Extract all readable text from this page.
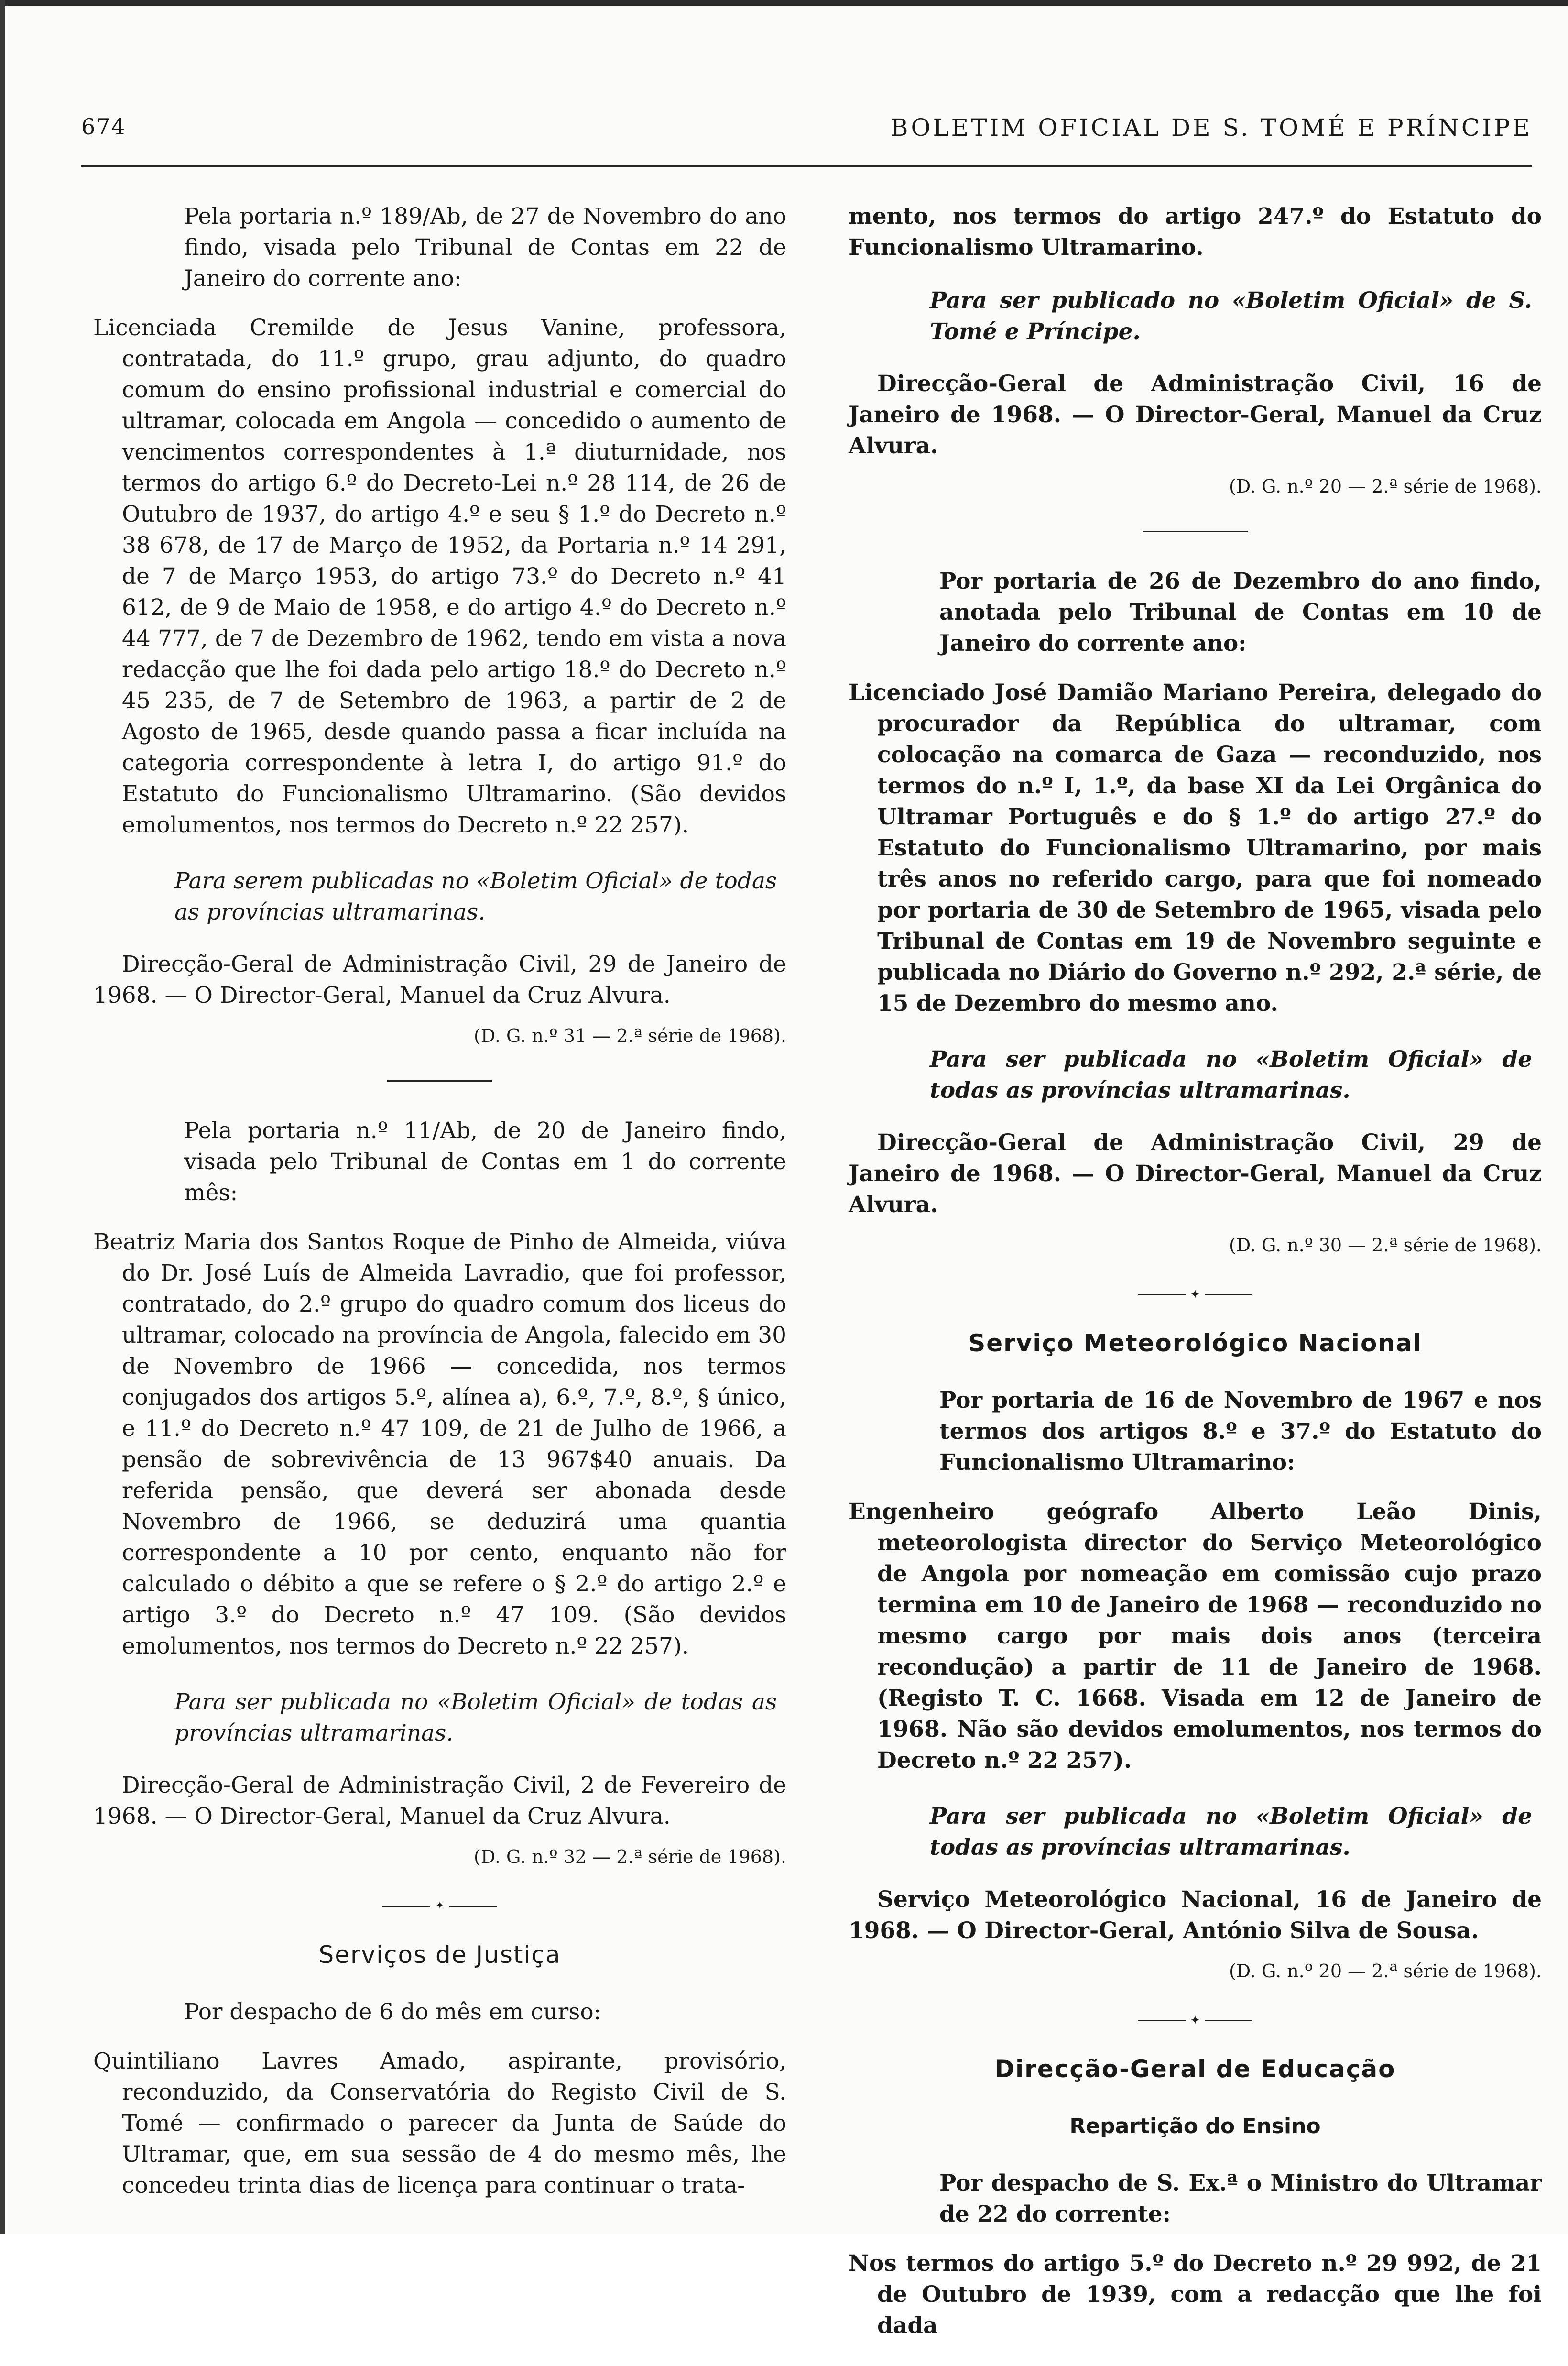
674	BOLETIM OFICIAL DE S. TOMÉ E PRÍNCIPE

Pela portaria n.º 189/Ab, de 27 de Novembro do ano findo, visada pelo Tribunal de Contas em 22 de Janeiro do corrente ano:

Licenciada Cremilde de Jesus Vanine, professora, contratada, do 11.º grupo, grau adjunto, do quadro comum do ensino profissional industrial e comercial do ultramar, colocada em Angola — concedido o aumento de vencimentos correspondentes à 1.ª diuturnidade, nos termos do artigo 6.º do Decreto-Lei n.º 28 114, de 26 de Outubro de 1937, do artigo 4.º e seu § 1.º do Decreto n.º 38 678, de 17 de Março de 1952, da Portaria n.º 14 291, de 7 de Março 1953, do artigo 73.º do Decreto n.º 41 612, de 9 de Maio de 1958, e do artigo 4.º do Decreto n.º 44 777, de 7 de Dezembro de 1962, tendo em vista a nova redacção que lhe foi dada pelo artigo 18.º do Decreto n.º 45 235, de 7 de Setembro de 1963, a partir de 2 de Agosto de 1965, desde quando passa a ficar incluída na categoria correspondente à letra I, do artigo 91.º do Estatuto do Funcionalismo Ultramarino. (São devidos emolumentos, nos termos do Decreto n.º 22 257).

Para serem publicadas no «Boletim Oficial» de todas as províncias ultramarinas.

Direcção-Geral de Administração Civil, 29 de Janeiro de 1968. — O Director-Geral, Manuel da Cruz Alvura.

(D. G. n.º 31 — 2.ª série de 1968).

Pela portaria n.º 11/Ab, de 20 de Janeiro findo, visada pelo Tribunal de Contas em 1 do corrente mês:

Beatriz Maria dos Santos Roque de Pinho de Almeida, viúva do Dr. José Luís de Almeida Lavradio, que foi professor, contratado, do 2.º grupo do quadro comum dos liceus do ultramar, colocado na província de Angola, falecido em 30 de Novembro de 1966 — concedida, nos termos conjugados dos artigos 5.º, alínea a), 6.º, 7.º, 8.º, § único, e 11.º do Decreto n.º 47 109, de 21 de Julho de 1966, a pensão de sobrevivência de 13 967$40 anuais. Da referida pensão, que deverá ser abonada desde Novembro de 1966, se deduzirá uma quantia correspondente a 10 por cento, enquanto não for calculado o débito a que se refere o § 2.º do artigo 2.º e artigo 3.º do Decreto n.º 47 109. (São devidos emolumentos, nos termos do Decreto n.º 22 257).

Para ser publicada no «Boletim Oficial» de todas as províncias ultramarinas.

Direcção-Geral de Administração Civil, 2 de Fevereiro de 1968. — O Director-Geral, Manuel da Cruz Alvura.

(D. G. n.º 32 — 2.ª série de 1968).

✦

Serviços de Justiça

Por despacho de 6 do mês em curso:

Quintiliano Lavres Amado, aspirante, provisório, reconduzido, da Conservatória do Registo Civil de S. Tomé — confirmado o parecer da Junta de Saúde do Ultramar, que, em sua sessão de 4 do mesmo mês, lhe concedeu trinta dias de licença para continuar o trata-

mento, nos termos do artigo 247.º do Estatuto do Funcionalismo Ultramarino.

Para ser publicado no «Boletim Oficial» de S. Tomé e Príncipe.

Direcção-Geral de Administração Civil, 16 de Janeiro de 1968. — O Director-Geral, Manuel da Cruz Alvura.

(D. G. n.º 20 — 2.ª série de 1968).

Por portaria de 26 de Dezembro do ano findo, anotada pelo Tribunal de Contas em 10 de Janeiro do corrente ano:

Licenciado José Damião Mariano Pereira, delegado do procurador da República do ultramar, com colocação na comarca de Gaza — reconduzido, nos termos do n.º I, 1.º, da base XI da Lei Orgânica do Ultramar Português e do § 1.º do artigo 27.º do Estatuto do Funcionalismo Ultramarino, por mais três anos no referido cargo, para que foi nomeado por portaria de 30 de Setembro de 1965, visada pelo Tribunal de Contas em 19 de Novembro seguinte e publicada no Diário do Governo n.º 292, 2.ª série, de 15 de Dezembro do mesmo ano.

Para ser publicada no «Boletim Oficial» de todas as províncias ultramarinas.

Direcção-Geral de Administração Civil, 29 de Janeiro de 1968. — O Director-Geral, Manuel da Cruz Alvura.

(D. G. n.º 30 — 2.ª série de 1968).

✦

Serviço Meteorológico Nacional

Por portaria de 16 de Novembro de 1967 e nos termos dos artigos 8.º e 37.º do Estatuto do Funcionalismo Ultramarino:

Engenheiro geógrafo Alberto Leão Dinis, meteorologista director do Serviço Meteorológico de Angola por nomeação em comissão cujo prazo termina em 10 de Janeiro de 1968 — reconduzido no mesmo cargo por mais dois anos (terceira recondução) a partir de 11 de Janeiro de 1968. (Registo T. C. 1668. Visada em 12 de Janeiro de 1968. Não são devidos emolumentos, nos termos do Decreto n.º 22 257).

Para ser publicada no «Boletim Oficial» de todas as províncias ultramarinas.

Serviço Meteorológico Nacional, 16 de Janeiro de 1968. — O Director-Geral, António Silva de Sousa.

(D. G. n.º 20 — 2.ª série de 1968).

✦

Direcção-Geral de Educação

Repartição do Ensino

Por despacho de S. Ex.ª o Ministro do Ultramar de 22 do corrente:

Nos termos do artigo 5.º do Decreto n.º 29 992, de 21 de Outubro de 1939, com a redacção que lhe foi dada
